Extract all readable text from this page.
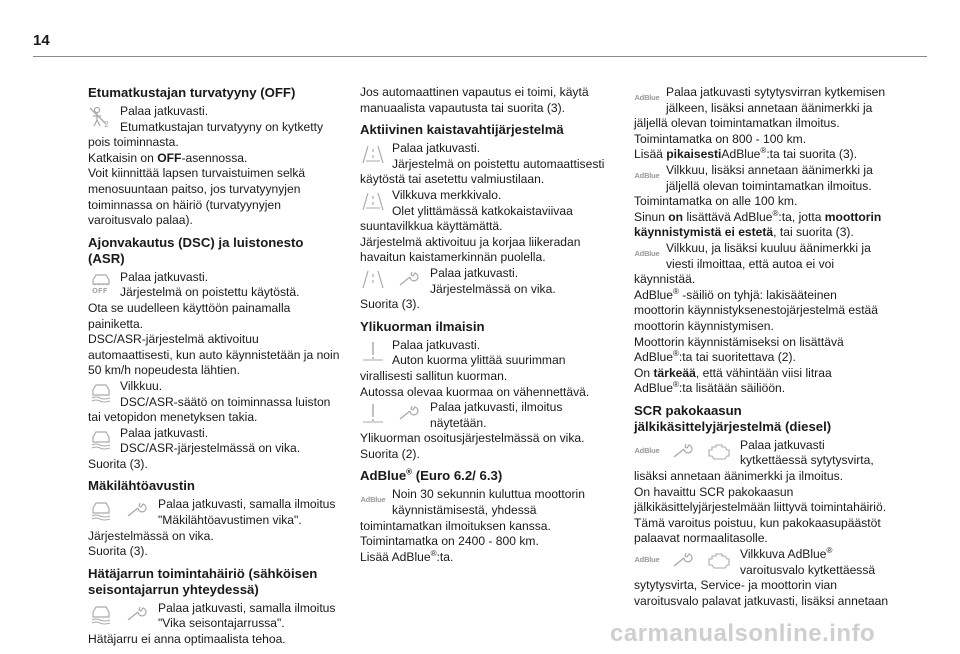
14
Etumatkustajan turvatyyny (OFF)
2

Palaa jatkuvasti.

Etumatkustajan turvatyyny on kytketty pois toiminnasta.

Katkaisin on OFF-asennossa.

Voit kiinnittää lapsen turvaistuimen selkä menosuuntaan paitso, jos turvatyynyjen toiminnassa on häiriö (turvatyynyjen varoitusvalo palaa).

Ajonvakautus (DSC) ja luistonesto (ASR)
OFF

Palaa jatkuvasti.

Järjestelmä on poistettu käytöstä.

Ota se uudelleen käyttöön painamalla painiketta.

DSC/ASR-järjestelmä aktivoituu automaattisesti, kun auto käynnistetään ja noin 50 km/h nopeudesta lähtien.

Vilkkuu.

DSC/ASR-säätö on toiminnassa luiston tai vetopidon menetyksen takia.

Palaa jatkuvasti.

DSC/ASR-järjestelmässä on vika.

Suorita (3).

Mäkilähtöavustin

Palaa jatkuvasti, samalla ilmoitus "Mäkilähtöavustimen vika".

Järjestelmässä on vika.

Suorita (3).

Hätäjarrun toimintahäiriö (sähköisen seisontajarrun yhteydessä)

Palaa jatkuvasti, samalla ilmoitus "Vika seisontajarrussa".

Hätäjarru ei anna optimaalista tehoa.

Jos automaattinen vapautus ei toimi, käytä manuaalista vapautusta tai suorita (3).

Aktiivinen kaistavahtijärjestelmä

Palaa jatkuvasti.

Järjestelmä on poistettu automaattisesti käytöstä tai asetettu valmiustilaan.

Vilkkuva merkkivalo.

Olet ylittämässä katkokaistaviivaa suuntavilkkua käyttämättä.

Järjestelmä aktivoituu ja korjaa liikeradan havaitun kaistamerkinnän puolella.

Palaa jatkuvasti.

Järjestelmässä on vika.

Suorita (3).

Ylikuorman ilmaisin

Palaa jatkuvasti.

Auton kuorma ylittää suurimman virallisesti sallitun kuorman.

Autossa olevaa kuormaa on vähennettävä.

Palaa jatkuvasti, ilmoitus näytetään.

Ylikuorman osoitusjärjestelmässä on vika.

Suorita (2).

AdBlue® (Euro 6.2/ 6.3)
AdBlue Noin 30 sekunnin kuluttua moottorin käynnistämisestä, yhdessä toimintamatkan ilmoituksen kanssa.

Toimintamatka on 2400 - 800 km.

Lisää AdBlue®:ta.

AdBlue Palaa jatkuvasti sytytysvirran kytkemisen jälkeen, lisäksi annetaan äänimerkki ja jäljellä olevan toimintamatkan ilmoitus.

Toimintamatka on 800 - 100 km.

Lisää pikaisestiAdBlue®:ta tai suorita (3).

AdBlue Vilkkuu, lisäksi annetaan äänimerkki ja jäljellä olevan toimintamatkan ilmoitus.

Toimintamatka on alle 100 km.

Sinun on lisättävä AdBlue®:ta, jotta moottorin käynnistymistä ei estetä, tai suorita (3).

AdBlue Vilkkuu, ja lisäksi kuuluu äänimerkki ja viesti ilmoittaa, että autoa ei voi käynnistää.

AdBlue® -säiliö on tyhjä: lakisääteinen moottorin käynnistyksenestojärjestelmä estää moottorin käynnistymisen.

Moottorin käynnistämiseksi on lisättävä AdBlue®:ta tai suoritettava (2).

On tärkeää, että vähintään viisi litraa AdBlue®:ta lisätään säiliöön.

SCR pakokaasun jälkikäsittelyjärjestelmä (diesel)
AdBlue	Palaa jatkuvasti kytkettäessä sytytysvirta, lisäksi annetaan äänimerkki ja ilmoitus.

On havaittu SCR pakokaasun jälkikäsittelyjärjestelmään liittyvä toimintahäiriö.

Tämä varoitus poistuu, kun pakokaasupäästöt palaavat normaalitasolle.

AdBlue	Vilkkuva AdBlue® varoitusvalo kytkettäessä sytytysvirta, Service- ja moottorin vian varoitusvalo palavat jatkuvasti, lisäksi annetaan

carmanualsonline.info
